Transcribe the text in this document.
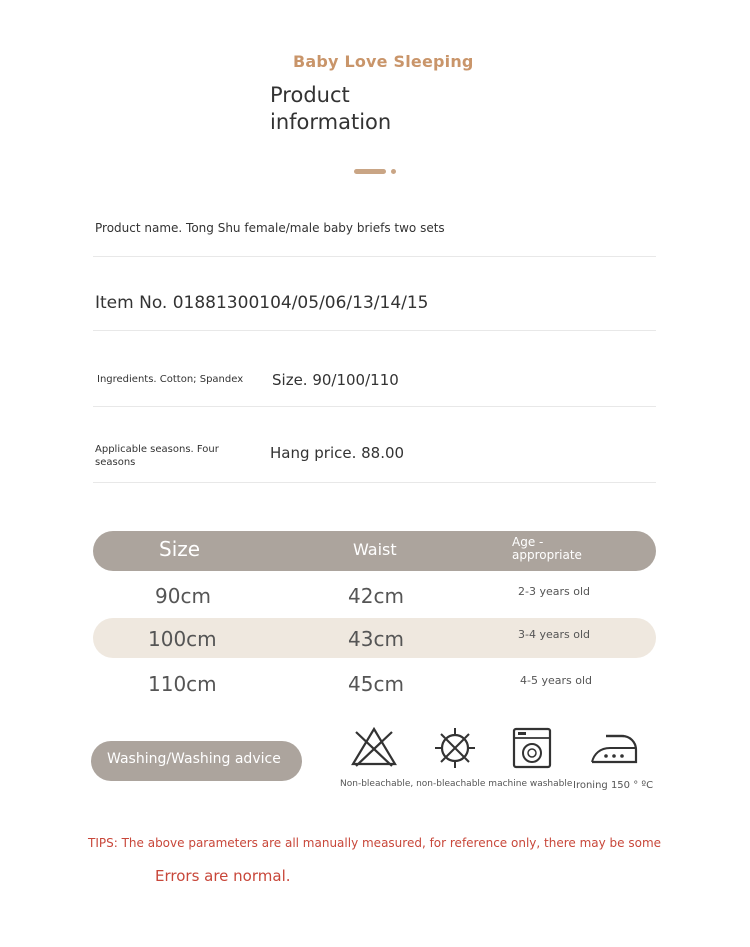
Baby Love Sleeping
Product
information
Product name. Tong Shu female/male baby briefs two sets
Item No. 01881300104/05/06/13/14/15
Ingredients. Cotton; Spandex Size. 90/100/110
Applicable seasons. Four seasons
Hang price. 88.00
Size	Waist	Age -appropriate
90cm	42cm	2-3 years old
100cm	43cm	3-4 years old
110cm	45cm	4-5 years old
Washing/Washing advice
Non-bleachable, non-bleachable machine washable Ironing 150 ° ºC
TIPS: The above parameters are all manually measured, for reference only, there may be some
Errors are normal.
